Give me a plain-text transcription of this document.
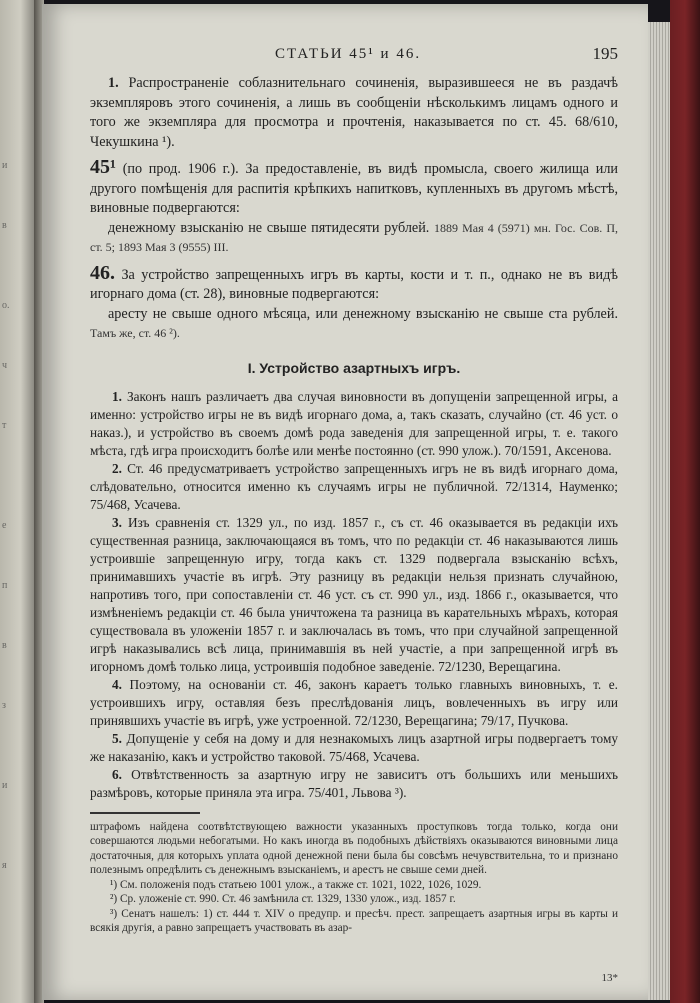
и
в
о.
ч
т
е
п
в
з
и
я
СТАТЬИ 45¹ и 46.	195

1. Распространеніе соблазнительнаго сочиненія, выразившееся не въ раздачѣ экземпляровъ этого сочиненія, а лишь въ сообщеніи нѣсколькимъ лицамъ одного и того же экземпляра для просмотра и прочтенія, наказывается по ст. 45. 68/610, Чекушкина ¹).

45¹ (по прод. 1906 г.). За предоставленіе, въ видѣ промысла, своего жилища или другого помѣщенія для распитія крѣпкихъ напитковъ, купленныхъ въ другомъ мѣстѣ, виновные подвергаются:

денежному взысканію не свыше пятидесяти рублей. 1889 Мая 4 (5971) мн. Гос. Сов. П, ст. 5; 1893 Мая 3 (9555) III.

46. За устройство запрещенныхъ игръ въ карты, кости и т. п., однако не въ видѣ игорнаго дома (ст. 28), виновные подвергаются:

аресту не свыше одного мѣсяца, или денежному взысканію не свыше ста рублей. Тамъ же, ст. 46 ²).

I. Устройство азартныхъ игръ.

1. Законъ нашъ различаетъ два случая виновности въ допущеніи запрещенной игры, а именно: устройство игры не въ видѣ игорнаго дома, а, такъ сказать, случайно (ст. 46 уст. о наказ.), и устройство въ своемъ домѣ рода заведенія для запрещенной игры, т. е. такого мѣста, гдѣ игра происходитъ болѣе или менѣе постоянно (ст. 990 улож.). 70/1591, Аксенова.

2. Ст. 46 предусматриваетъ устройство запрещенныхъ игръ не въ видѣ игорнаго дома, слѣдовательно, относится именно къ случаямъ игры не публичной. 72/1314, Науменко; 75/468, Усачева.

3. Изъ сравненія ст. 1329 ул., по изд. 1857 г., съ ст. 46 оказывается въ редакціи ихъ существенная разница, заключающаяся въ томъ, что по редакціи ст. 46 наказываются лишь устроившіе запрещенную игру, тогда какъ ст. 1329 подвергала взысканію всѣхъ, принимавшихъ участіе въ игрѣ. Эту разницу въ редакціи нельзя признать случайною, напротивъ того, при сопоставленіи ст. 46 уст. съ ст. 990 ул., изд. 1866 г., оказывается, что измѣненіемъ редакціи ст. 46 была уничтожена та разница въ карательныхъ мѣрахъ, которая существовала въ уложеніи 1857 г. и заключалась въ томъ, что при случайной запрещенной игрѣ наказывались всѣ лица, принимавшія въ ней участіе, а при запрещенной игрѣ въ игорномъ домѣ только лица, устроившія подобное заведеніе. 72/1230, Верещагина.

4. Поэтому, на основаніи ст. 46, законъ караетъ только главныхъ виновныхъ, т. е. устроившихъ игру, оставляя безъ преслѣдованія лицъ, вовлеченныхъ въ игру или принявшихъ участіе въ игрѣ, уже устроенной. 72/1230, Верещагина; 79/17, Пучкова.

5. Допущеніе у себя на дому и для незнакомыхъ лицъ азартной игры подвергаетъ тому же наказанію, какъ и устройство таковой. 75/468, Усачева.

6. Отвѣтственность за азартную игру не зависитъ отъ большихъ или меньшихъ размѣровъ, которые приняла эта игра. 75/401, Львова ³).

штрафомъ найдена соотвѣтствующею важности указанныхъ проступковъ тогда только, когда они совершаются людьми небогатыми. Но какъ иногда въ подобныхъ дѣйствіяхъ оказываются виновными лица достаточныя, для которыхъ уплата одной денежной пени была бы совсѣмъ нечувствительна, то и признано полезнымъ опредѣлить съ денежнымъ взысканіемъ, и арестъ не свыше семи дней.

¹) См. положенія подъ статьею 1001 улож., а также ст. 1021, 1022, 1026, 1029.

²) Ср. уложеніе ст. 990. Ст. 46 замѣнила ст. 1329, 1330 улож., изд. 1857 г.

³) Сенатъ нашелъ: 1) ст. 444 т. XIV о предупр. и пресѣч. прест. запрещаетъ азартныя игры въ карты и всякія другія, а равно запрещаетъ участвовать въ азар-

13*
